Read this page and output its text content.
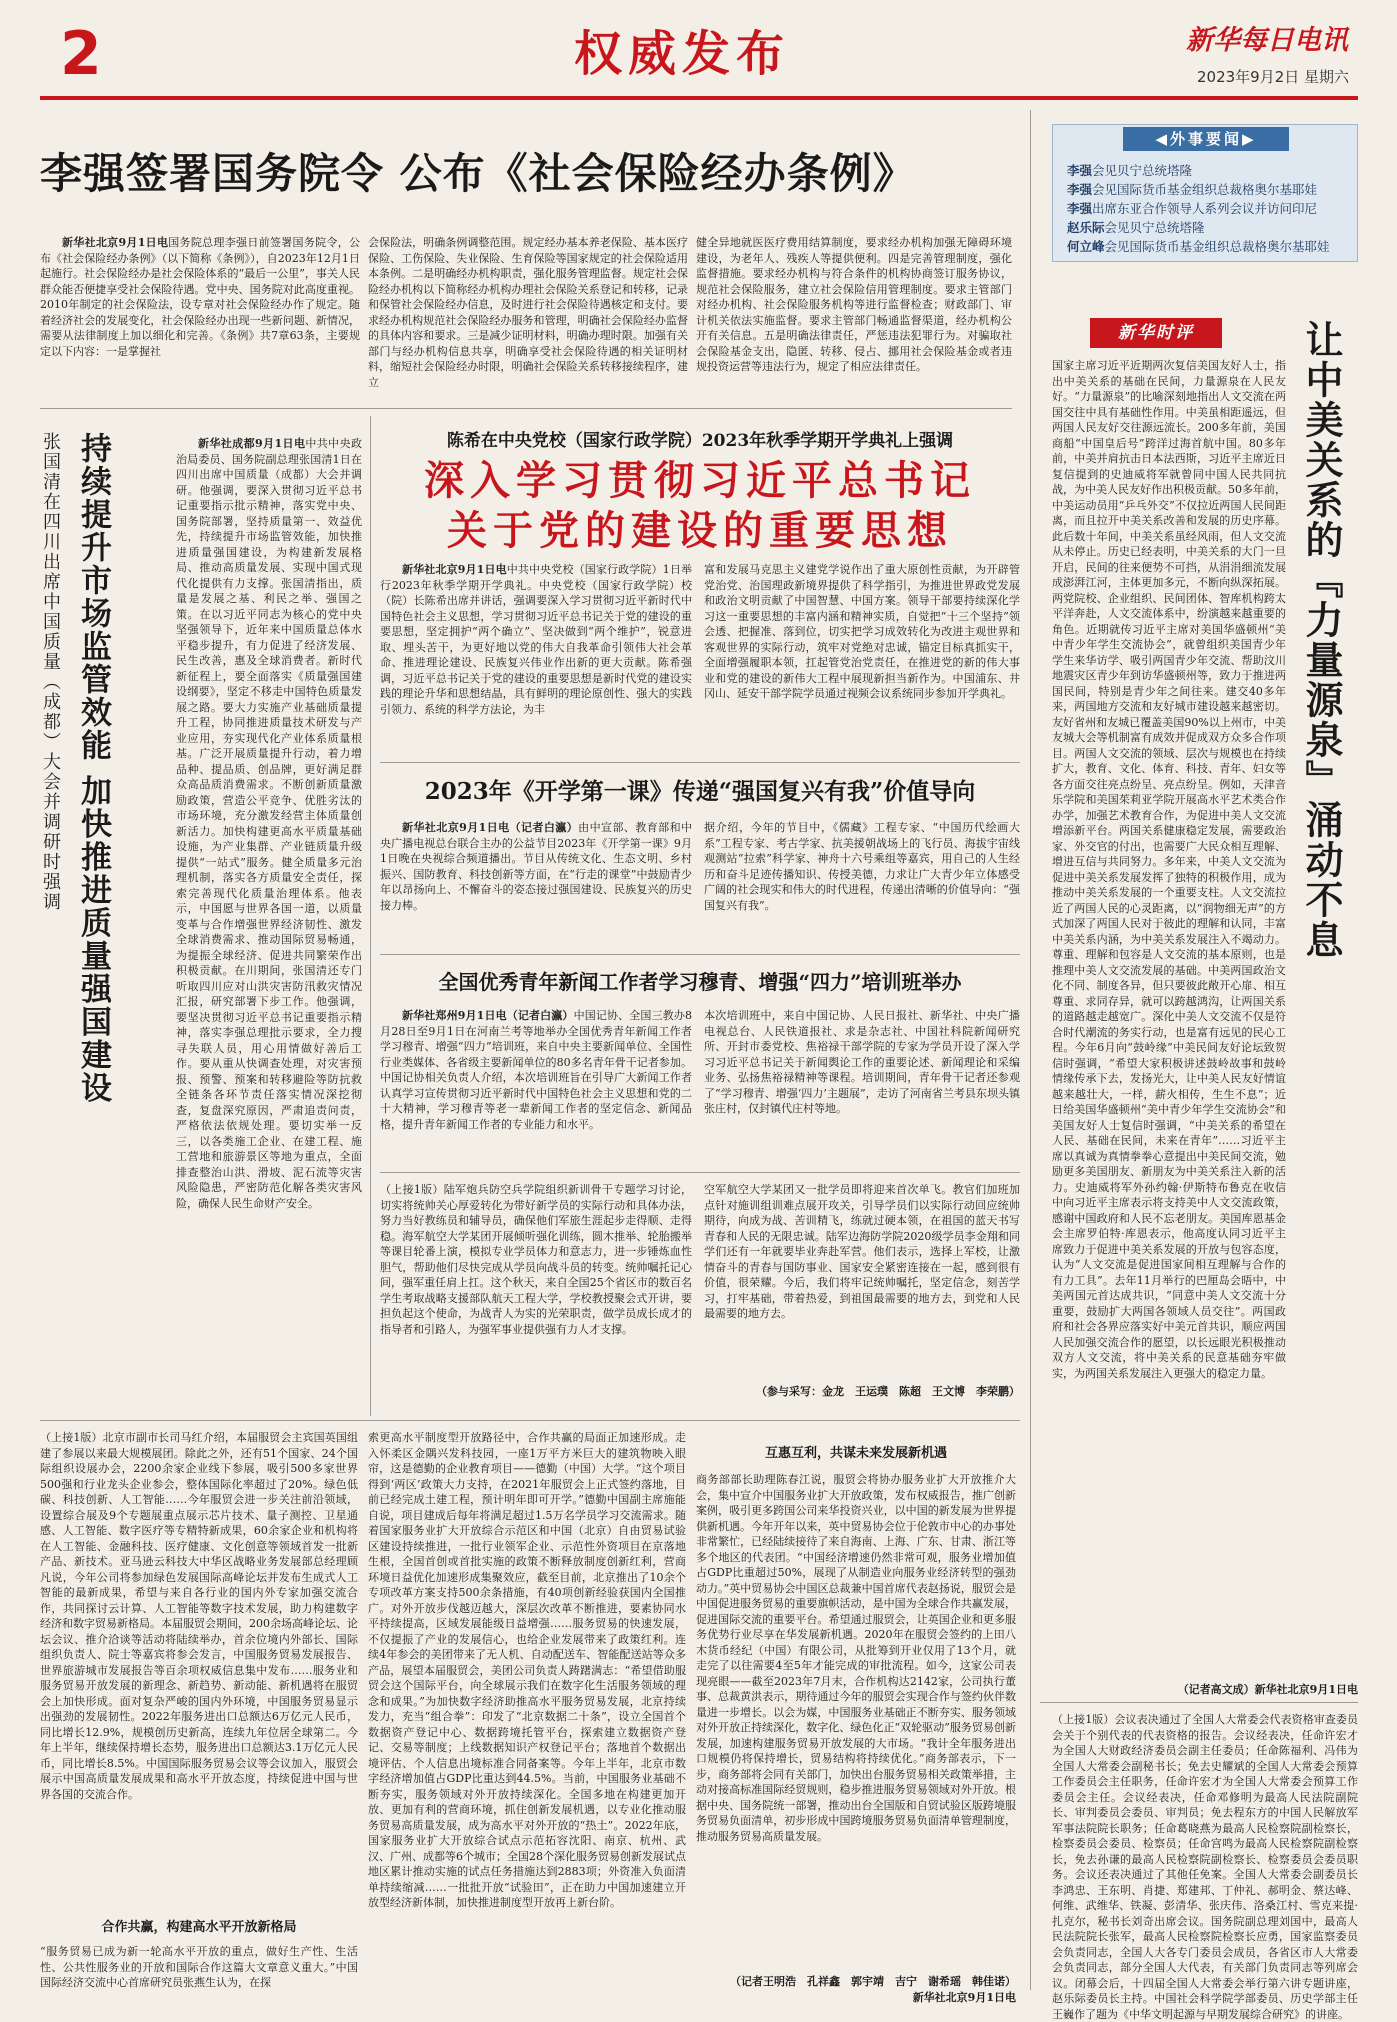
2	权威发布	新华每日电讯
2023年9月2日 星期六
李强签署国务院令 公布《社会保险经办条例》

新华社北京9月1日电国务院总理李强日前签署国务院令，公布《社会保险经办条例》（以下简称《条例》），自2023年12月1日起施行。社会保险经办是社会保险体系的“最后一公里”，事关人民群众能否便捷享受社会保险待遇。党中央、国务院对此高度重视。2010年制定的社会保险法，设专章对社会保险经办作了规定。随着经济社会的发展变化，社会保险经办出现一些新问题、新情况，需要从法律制度上加以细化和完善。《条例》共7章63条，主要规定以下内容：一是掌握社

会保险法，明确条例调整范围。规定经办基本养老保险、基本医疗保险、工伤保险、失业保险、生育保险等国家规定的社会保险适用本条例。二是明确经办机构职责，强化服务管理监督。规定社会保险经办机构以下简称经办机构办理社会保险关系登记和转移，记录和保管社会保险经办信息，及时进行社会保险待遇核定和支付。要求经办机构规范社会保险经办服务和管理，明确社会保险经办监督的具体内容和要求。三是减少证明材料，明确办理时限。加强有关部门与经办机构信息共享，明确享受社会保险待遇的相关证明材料，缩短社会保险经办时限，明确社会保险关系转移接续程序，建立
健全异地就医医疗费用结算制度，要求经办机构加强无障碍环境建设，为老年人、残疾人等提供便利。四是完善管理制度，强化监督措施。要求经办机构与符合条件的机构协商签订服务协议，规范社会保险服务，建立社会保险信用管理制度。要求主管部门对经办机构、社会保险服务机构等进行监督检查；财政部门、审计机关依法实施监督。要求主管部门畅通监督渠道，经办机构公开有关信息。五是明确法律责任，严惩违法犯罪行为。对骗取社会保险基金支出，隐匿、转移、侵占、挪用社会保险基金或者违规投资运营等违法行为，规定了相应法律责任。
◀外事要闻▶
李强会见贝宁总统塔隆
李强会见国际货币基金组织总裁格奥尔基耶娃
李强出席东亚合作领导人系列会议并访问印尼
赵乐际会见贝宁总统塔隆
何立峰会见国际货币基金组织总裁格奥尔基耶娃
新华时评
国家主席习近平近期两次复信美国友好人士，指出中美关系的基础在民间，力量源泉在人民友好。“力量源泉”的比喻深刻地指出人文交流在两国交往中具有基础性作用。中美虽相距遥远，但两国人民友好交往源远流长。200多年前，美国商船“中国皇后号”跨洋过海首航中国。80多年前，中美并肩抗击日本法西斯，习近平主席近日复信提到的史迪威将军就曾同中国人民共同抗战，为中美人民友好作出积极贡献。50多年前，中美运动员用“乒乓外交”不仅拉近两国人民间距离，而且拉开中美关系改善和发展的历史序幕。此后数十年间，中美关系虽经风雨，但人文交流从未停止。历史已经表明，中美关系的大门一旦开启，民间的往来便势不可挡，从涓涓细流发展成澎湃江河，主体更加多元，不断向纵深拓展。两党院校、企业组织、民间团体、智库机构跨太平洋奔赴，人文交流体系中，纷演越来越重要的角色。近期就传习近平主席对美国华盛顿州“美中青少年学生交流协会”，就曾组织美国青少年学生来华访学、吸引两国青少年交流、帮助汶川地震灾区青少年到访华盛顿州等，致力于推进两国民间，特别是青少年之间往来。建交40多年来，两国地方交流和友好城市建设越来越密切。友好省州和友城已覆盖美国90%以上州市，中美友城大会等机制富有成效并促成双方众多合作项目。两国人文交流的领域、层次与规模也在持续扩大，教育、文化、体育、科技、青年、妇女等各方面交往亮点纷呈、亮点纷呈。例如，天津音乐学院和美国茱莉亚学院开展高水平艺术类合作办学，加强艺术教育合作，为促进中美人文交流增添新平台。两国关系健康稳定发展，需要政治家、外交官的付出，也需要广大民众相互理解、增进互信与共同努力。多年来，中美人文交流为促进中美关系发展发挥了独特的积极作用，成为推动中美关系发展的一个重要支柱。人文交流拉近了两国人民的心灵距离，以“润物细无声”的方式加深了两国人民对于彼此的理解和认同，丰富中美关系内涵，为中美关系发展注入不竭动力。尊重、理解和包容是人文交流的基本原则，也是推理中美人文交流发展的基础。中美两国政治文化不同、制度各异，但只要彼此敞开心扉、相互尊重、求同存异，就可以跨越鸿沟，让两国关系的道路越走越宽广。深化中美人文交流不仅是符合时代潮流的务实行动，也是富有远见的民心工程。今年6月向“鼓岭缘”中美民间友好论坛致贺信时强调，“希望大家积极讲述鼓岭故事和鼓岭情缘传承下去，发扬光大，让中美人民友好情谊越来越壮大，一样，薪火相传，生生不息”；近日给美国华盛顿州“美中青少年学生交流协会”和美国友好人士复信时强调，“中美关系的希望在人民、基础在民间，未来在青年”……习近平主席以真诚为真情拳拳心意提出中美民间交流，勉励更多美国朋友、新朋友为中美关系注入新的活力。史迪威将军外孙约翰·伊斯特布鲁克在收信中向习近平主席表示将支持美中人文交流政策，感谢中国政府和人民不忘老朋友。美国库恩基金会主席罗伯特·库恩表示，他高度认同习近平主席致力于促进中美关系发展的开放与包容态度，认为“人文交流是促进国家间相互理解与合作的有力工具”。去年11月举行的巴厘岛会晤中，中美两国元首达成共识，“同意中美人文交流十分重要，鼓励扩大两国各领域人员交往”。两国政府和社会各界应落实好中美元首共识，顺应两国人民加强交流合作的愿望，以长远眼光积极推动双方人文交流，将中美关系的民意基础夯牢做实，为两国关系发展注入更强大的稳定力量。
让中美关系的『力量源泉』涌动不息
（记者高文成）新华社北京9月1日电
张国清在四川出席中国质量（成都）大会并调研时强调 持续提升市场监管效能 加快推进质量强国建设	新华社成都9月1日电中共中央政治局委员、国务院副总理张国清1日在四川出席中国质量（成都）大会并调研。他强调，要深入贯彻习近平总书记重要指示批示精神，落实党中央、国务院部署，坚持质量第一、效益优先，持续提升市场监管效能，加快推进质量强国建设，为构建新发展格局、推动高质量发展、实现中国式现代化提供有力支撑。张国清指出，质量是发展之基、利民之举、强国之策。在以习近平同志为核心的党中央坚强领导下，近年来中国质量总体水平稳步提升，有力促进了经济发展、民生改善，惠及全球消费者。新时代新征程上，要全面落实《质量强国建设纲要》，坚定不移走中国特色质量发展之路。要大力实施产业基础质量提升工程，协同推进质量技术研发与产业应用，夯实现代化产业体系质量根基。广泛开展质量提升行动，着力增品种、提品质、创品牌，更好满足群众高品质消费需求。不断创新质量激励政策，营造公平竞争、优胜劣汰的市场环境，充分激发经营主体质量创新活力。加快构建更高水平质量基础设施，为产业集群、产业链质量升级提供“一站式”服务。健全质量多元治理机制，落实各方质量安全责任，探索完善现代化质量治理体系。他表示，中国愿与世界各国一道，以质量变革与合作增强世界经济韧性、激发全球消费需求、推动国际贸易畅通，为提振全球经济、促进共同繁荣作出积极贡献。在川期间，张国清还专门听取四川应对山洪灾害防汛救灾情况汇报，研究部署下步工作。他强调，要坚决贯彻习近平总书记重要指示精神，落实李强总理批示要求，全力搜寻失联人员，用心用情做好善后工作。要从重从快调查处理，对灾害预报、预警、预案和转移避险等防抗救全链条各环节责任落实情况深挖彻查，复盘深究原因，严肃追责问责，严格依法依规处理。要切实举一反三，以各类施工企业、在建工程、施工营地和旅游景区等地为重点，全面排查整治山洪、滑坡、泥石流等灾害风险隐患，严密防范化解各类灾害风险，确保人民生命财产安全。

陈希在中央党校（国家行政学院）2023年秋季学期开学典礼上强调
深入学习贯彻习近平总书记
关于党的建设的重要思想

新华社北京9月1日电中共中央党校（国家行政学院）1日举行2023年秋季学期开学典礼。中央党校（国家行政学院）校（院）长陈希出席并讲话，强调要深入学习贯彻习近平新时代中国特色社会主义思想，学习贯彻习近平总书记关于党的建设的重要思想，坚定拥护“两个确立”、坚决做到“两个维护”，锐意进取、埋头苦干，为更好地以党的伟大自我革命引领伟大社会革命、推进理论建设、民族复兴伟业作出新的更大贡献。陈希强调，习近平总书记关于党的建设的重要思想是新时代党的建设实践的理论升华和思想结晶，具有鲜明的理论原创性、强大的实践引领力、系统的科学方法论，为丰

富和发展马克思主义建党学说作出了重大原创性贡献，为开辟管党治党、治国理政新境界提供了科学指引，为推进世界政党发展和政治文明贡献了中国智慧、中国方案。领导干部要持续深化学习这一重要思想的丰富内涵和精神实质，自觉把“十三个坚持”领会透、把握准、落到位，切实把学习成效转化为改进主观世界和客观世界的实际行动，筑牢对党绝对忠诚，锚定目标真抓实干，全面增强履职本领，扛起管党治党责任，在推进党的新的伟大事业和党的建设的新伟大工程中展现新担当新作为。中国浦东、井冈山、延安干部学院学员通过视频会议系统同步参加开学典礼。
2023年《开学第一课》传递“强国复兴有我”价值导向

新华社北京9月1日电（记者白瀛）由中宣部、教育部和中央广播电视总台联合主办的公益节目2023年《开学第一课》9月1日晚在央视综合频道播出。节目从传统文化、生态文明、乡村振兴、国防教育、科技创新等方面，在“行走的课堂”中鼓励青少年以昂扬向上、不懈奋斗的姿态接过强国建设、民族复兴的历史接力棒。

据介绍，今年的节目中，《儒藏》工程专家、“中国历代绘画大系”工程专家、考古学家、抗美援朝战场上的飞行员、海拔宇宙线观测站“拉索”科学家、神舟十六号乘组等嘉宾，用自己的人生经历和奋斗足迹传播知识、传授美德，力求让广大青少年立体感受广阔的社会现实和伟大的时代进程，传递出清晰的价值导向：“强国复兴有我”。
全国优秀青年新闻工作者学习穆青、增强“四力”培训班举办

新华社郑州9月1日电（记者白瀛）中国记协、全国三教办8月28日至9月1日在河南兰考等地举办全国优秀青年新闻工作者学习穆青、增强“四力”培训班，来自中央主要新闻单位、全国性行业类媒体、各省级主要新闻单位的80多名青年骨干记者参加。中国记协相关负责人介绍，本次培训班旨在引导广大新闻工作者认真学习宣传贯彻习近平新时代中国特色社会主义思想和党的二十大精神，学习穆青等老一辈新闻工作者的坚定信念、新闻品格，提升青年新闻工作者的专业能力和水平。

本次培训班中，来自中国记协、人民日报社、新华社、中央广播电视总台、人民铁道报社、求是杂志社、中国社科院新闻研究所、开封市委党校、焦裕禄干部学院的专家为学员开设了深入学习习近平总书记关于新闻舆论工作的重要论述、新闻理论和采编业务、弘扬焦裕禄精神等课程。培训期间，青年骨干记者还参观了“学习穆青、增强‘四力’主题展”，走访了河南省兰考县东坝头镇张庄村，仅封镇代庄村等地。
（上接1版）陆军炮兵防空兵学院组织新训骨干专题学习讨论，切实将统帅关心厚爱转化为带好新学员的实际行动和具体办法，努力当好教练员和辅导员，确保他们军旅生涯起步走得顺、走得稳。海军航空大学某团开展倾听强化训练，圆木推举、轮胎搬举等课目轮番上演，模拟专业学员体力和意志力，进一步锤炼血性胆气，帮助他们尽快完成从学员向战斗员的转变。统帅嘱托记心间，强军重任肩上扛。这个秋天，来自全国25个省区市的数百名学生考取战略支援部队航天工程大学，学校教授聚会式开讲，要担负起这个使命，为战青人为实的光荣职责，做学员成长成才的指导者和引路人，为强军事业提供强有力人才支撑。
空军航空大学某团又一批学员即将迎来首次单飞。教官们加班加点针对施训组训难点展开攻关，引导学员们以实际行动回应统帅期待，向成为战、苦训精飞，练就过硬本领，在祖国的蓝天书写青春和人民的无限忠诚。陆军边海防学院2020级学员李金翔和同学们还有一年就要毕业奔赴军营。他们表示，选择上军校，让激情奋斗的青春与国防事业、国家安全紧密连接在一起，感到很有价值，很荣耀。今后，我们将牢记统帅嘱托，坚定信念，刻苦学习，打牢基础，带着热爱，到祖国最需要的地方去，到党和人民最需要的地方去。
（参与采写：金龙　王运璞　陈超　王文博　李荣鹏）
（上接1版）北京市副市长司马红介绍，本届服贸会主宾国英国组建了参展以来最大规模展团。除此之外，还有51个国家、24个国际组织设展办会，2200余家企业线下参展，吸引500多家世界500强和行业龙头企业参会，整体国际化率超过了20%。绿色低碳、科技创新、人工智能……今年服贸会进一步关注前沿领域，设置综合展及9个专题展重点展示芯片技术、量子测控、卫星通感、人工智能、数字医疗等专精特新成果，60余家企业和机构将在人工智能、金融科技、医疗健康、文化创意等领域首发一批新产品、新技术。亚马逊云科技大中华区战略业务发展部总经理顾凡说，今年公司将参加绿色发展国际高峰论坛并发布生成式人工智能的最新成果，希望与来自各行业的国内外专家加强交流合作，共同探讨云计算、人工智能等数字技术发展，助力构建数字经济和数字贸易新格局。本届服贸会期间，200余场高峰论坛、论坛会议、推介洽谈等活动将陆续举办，首余位境内外部长、国际组织负责人、院士等嘉宾将参会发言，中国服务贸易发展报告、世界旅游城市发展报告等百余项权威信息集中发布……服务业和服务贸易开放发展的新理念、新趋势、新动能、新机遇将在服贸会上加快形成。面对复杂严峻的国内外环境，中国服务贸易显示出强劲的发展韧性。2022年服务进出口总额达6万亿元人民币，同比增长12.9%，规模创历史新高，连续九年位居全球第二。今年上半年，继续保持增长态势，服务进出口总额达3.1万亿元人民币，同比增长8.5%。中国国际服务贸易会议等会议加入，服贸会展示中国高质量发展成果和高水平开放态度，持续促进中国与世界各国的交流合作。
合作共赢，构建高水平开放新格局
“服务贸易已成为新一轮高水平开放的重点，做好生产性、生活性、公共性服务业的开放和国际合作这篇大文章意义重大。”中国国际经济交流中心首席研究员张燕生认为，在探
索更高水平制度型开放路径中，合作共赢的局面正加速形成。走入怀柔区金隅兴发科技园，一座1万平方米巨大的建筑物映入眼帘，这是德勤的企业教育项目——德勤（中国）大学。“这个项目得到‘两区’政策大力支持，在2021年服贸会上正式签约落地，目前已经完成土建工程，预计明年即可开学。”德勤中国副主席施能自说，项目建成后每年将满足超过1.5万名学员学习交流需求。随着国家服务业扩大开放综合示范区和中国（北京）自由贸易试验区建设持续推进，一批行业领军企业、示范性外资项目在京落地生根，全国首创或首批实施的政策不断释放制度创新红利，营商环境日益优化加速形成集聚效应，截至目前，北京推出了10余个专项改革方案支持500余条措施，有40项创新经验获国内全国推广。对外开放步伐越迈越大，深层次改革不断推进，要素协同水平持续提高，区域发展能级日益增强……服务贸易的快速发展，不仅提振了产业的发展信心，也给企业发展带来了政策红利。连续4年参会的美团带来了无人机、自动配送车、智能配送站等众多产品，展望本届服贸会，美团公司负责人踌躇满志：“希望借助服贸会这个国际平台，向全球展示我们在数字化生活服务领域的理念和成果。”为加快数字经济助推高水平服务贸易发展，北京持续发力，充当“组合拳”：印发了“北京数据二十条”，设立全国首个数据资产登记中心、数据跨境托管平台，探索建立数据资产登记、交易等制度；上线数据知识产权登记平台；落地首个数据出境评估、个人信息出境标准合同备案等。今年上半年，北京市数字经济增加值占GDP比重达到44.5%。当前，中国服务业基础不断夯实，服务领域对外开放持续深化。全国多地在构建更加开放、更加有利的营商环境，抓住创新发展机遇，以专业化推动服务贸易高质量发展，成为高水平对外开放的“热土”。2022年底，国家服务业扩大开放综合试点示范拓容沈阳、南京、杭州、武汉、广州、成都等6个城市；全国28个深化服务贸易创新发展试点地区累计推动实施的试点任务措施达到2883项；外资准入负面清单持续缩减……一批批开放“试验田”，正在助力中国加速建立开放型经济新体制，加快推进制度型开放再上新台阶。
互惠互利，共谋未来发展新机遇
商务部部长助理陈春江说，服贸会将协办服务业扩大开放推介大会，集中宣介中国服务业扩大开放政策，发布权威报告，推广创新案例，吸引更多跨国公司来华投资兴业，以中国的新发展为世界提供新机遇。今年开年以来，英中贸易协会位于伦敦市中心的办事处非常繁忙，已经陆续接待了来自海南、上海、广东、甘肃、浙江等多个地区的代表团。“中国经济增速仍然非常可观，服务业增加值占GDP比重超过50%，展现了从制造业向服务业经济转型的强劲动力。”英中贸易协会中国区总裁兼中国首席代表赵扬说，服贸会是中国促进服务贸易的重要旗帜活动，是中国为全球合作共赢发展，促进国际交流的重要平台。希望通过服贸会，让英国企业和更多服务优势行业尽享在华发展新机遇。2020年在服贸会签约的上田八木货币经纪（中国）有限公司，从批筹到开业仅用了13个月，就走完了以往需要4至5年才能完成的审批流程。如今，这家公司表现亮眼——截至2023年7月末，合作机构达2142家，公司执行董事、总裁黄洪表示，期待通过今年的服贸会实现合作与签约伙伴数量进一步增长。以会为媒，中国服务业基础正不断夯实、服务领域对外开放正持续深化，数字化、绿色化正“双轮驱动”服务贸易创新发展，加速构建服务贸易开放发展的大市场。“我计全年服务进出口规模仍将保持增长，贸易结构将持续优化。”商务部表示，下一步，商务部将会同有关部门，加快出台服务贸易相关政策举措，主动对接高标准国际经贸规则，稳步推进服务贸易领域对外开放。根据中央、国务院统一部署，推动出台全国版和自贸试验区版跨境服务贸易负面清单，初步形成中国跨境服务贸易负面清单管理制度，推动服务贸易高质量发展。
（记者王明浩　孔祥鑫　郭宇靖　吉宁　谢希瑶　韩佳诺）
新华社北京9月1日电
（上接1版）会议表决通过了全国人大常委会代表资格审查委员会关于个别代表的代表资格的报告。会议经表决，任命许宏才为全国人大财政经济委员会副主任委员；任命陈福利、冯伟为全国人大常委会副秘书长；免去史耀斌的全国人大常委会预算工作委员会主任职务，任命许宏才为全国人大常委会预算工作委员会主任。会议经表决，任命邓修明为最高人民法院副院长、审判委员会委员、审判员；免去程东方的中国人民解放军军事法院院长职务；任命葛晓燕为最高人民检察院副检察长，检察委员会委员、检察员；任命宫鸣为最高人民检察院副检察长，免去孙谦的最高人民检察院副检察长、检察委员会委员职务。会议还表决通过了其他任免案。全国人大常委会副委员长李鸿忠、王东明、肖捷、郑建邦、丁仲礼、郝明金、蔡达峰、何维、武维华、铁凝、彭清华、张庆伟、洛桑江村、雪克来提·扎克尔，秘书长刘奇出席会议。国务院副总理刘国中，最高人民法院院长张军，最高人民检察院检察长应勇，国家监察委员会负责同志，全国人大各专门委员会成员，各省区市人大常委会负责同志，部分全国人大代表，有关部门负责同志等列席会议。闭幕会后，十四届全国人大常委会举行第六讲专题讲座，赵乐际委员长主持。中国社会科学院学部委员、历史学部主任王巍作了题为《中华文明起源与早期发展综合研究》的讲座。
